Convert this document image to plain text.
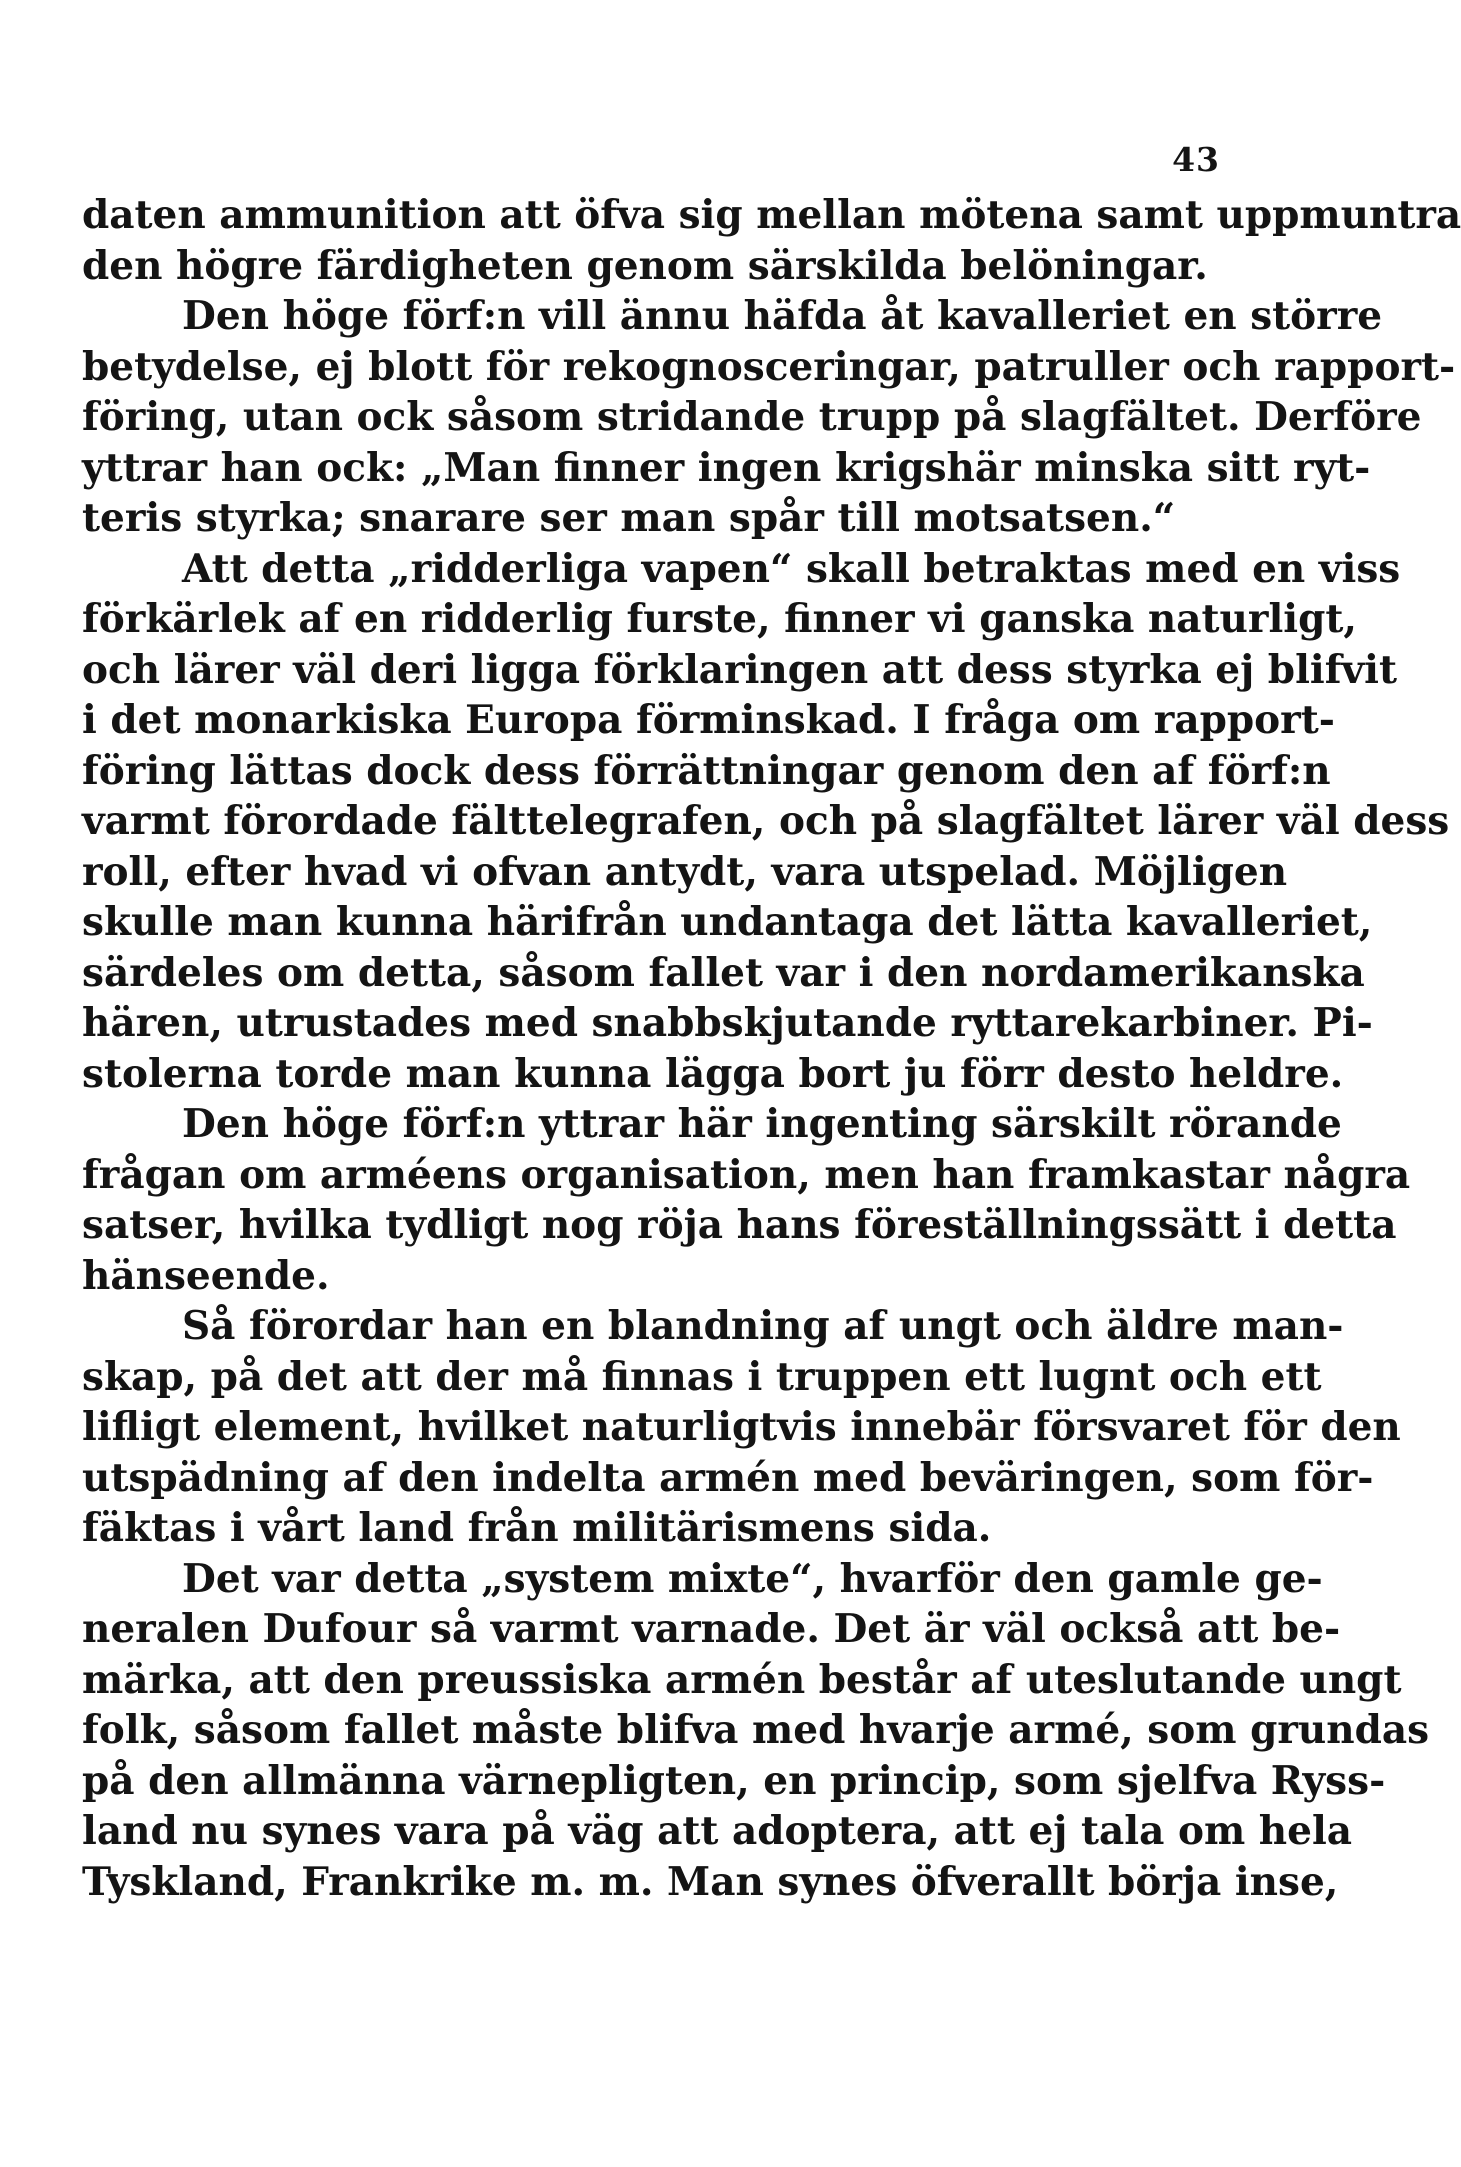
43
daten ammunition att öfva sig mellan mötena samt uppmuntra
den högre färdigheten genom särskilda belöningar.
Den höge förf:n vill ännu häfda åt kavalleriet en större
betydelse, ej blott för rekognosceringar, patruller och rapport-
föring, utan ock såsom stridande trupp på slagfältet. Derföre
yttrar han ock: „Man finner ingen krigshär minska sitt ryt-
teris styrka; snarare ser man spår till motsatsen.“
Att detta „ridderliga vapen“ skall betraktas med en viss
förkärlek af en ridderlig furste, finner vi ganska naturligt,
och lärer väl deri ligga förklaringen att dess styrka ej blifvit
i det monarkiska Europa förminskad. I fråga om rapport-
föring lättas dock dess förrättningar genom den af förf:n
varmt förordade fälttelegrafen, och på slagfältet lärer väl dess
roll, efter hvad vi ofvan antydt, vara utspelad. Möjligen
skulle man kunna härifrån undantaga det lätta kavalleriet,
särdeles om detta, såsom fallet var i den nordamerikanska
hären, utrustades med snabbskjutande ryttarekarbiner. Pi-
stolerna torde man kunna lägga bort ju förr desto heldre.
Den höge förf:n yttrar här ingenting särskilt rörande
frågan om arméens organisation, men han framkastar några
satser, hvilka tydligt nog röja hans föreställningssätt i detta
hänseende.
Så förordar han en blandning af ungt och äldre man-
skap, på det att der må finnas i truppen ett lugnt och ett
lifligt element, hvilket naturligtvis innebär försvaret för den
utspädning af den indelta armén med beväringen, som för-
fäktas i vårt land från militärismens sida.
Det var detta „system mixte“, hvarför den gamle ge-
neralen Dufour så varmt varnade. Det är väl också att be-
märka, att den preussiska armén består af uteslutande ungt
folk, såsom fallet måste blifva med hvarje armé, som grundas
på den allmänna värnepligten, en princip, som sjelfva Ryss-
land nu synes vara på väg att adoptera, att ej tala om hela
Tyskland, Frankrike m. m. Man synes öfverallt börja inse,
